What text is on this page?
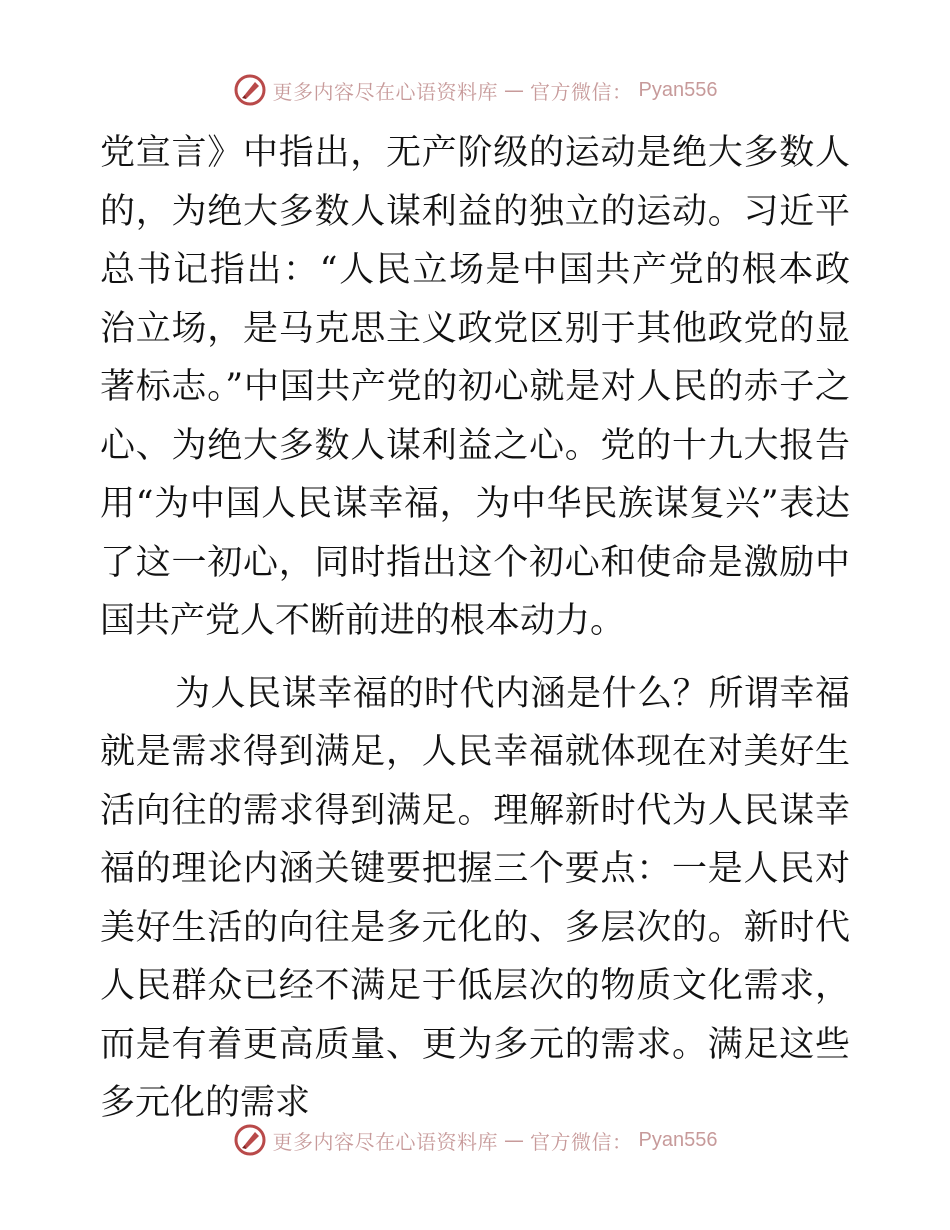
更多内容尽在心语资料库 — 官方微信： Pyan556

党宣言》中指出，无产阶级的运动是绝大多数人的，为绝大多数人谋利益的独立的运动。习近平总书记指出：“人民立场是中国共产党的根本政治立场，是马克思主义政党区别于其他政党的显著标志。”中国共产党的初心就是对人民的赤子之心、为绝大多数人谋利益之心。党的十九大报告用“为中国人民谋幸福，为中华民族谋复兴”表达了这一初心，同时指出这个初心和使命是激励中国共产党人不断前进的根本动力。

为人民谋幸福的时代内涵是什么？所谓幸福就是需求得到满足，人民幸福就体现在对美好生活向往的需求得到满足。理解新时代为人民谋幸福的理论内涵关键要把握三个要点：一是人民对美好生活的向往是多元化的、多层次的。新时代人民群众已经不满足于低层次的物质文化需求，而是有着更高质量、更为多元的需求。满足这些多元化的需求

更多内容尽在心语资料库 — 官方微信： Pyan556
